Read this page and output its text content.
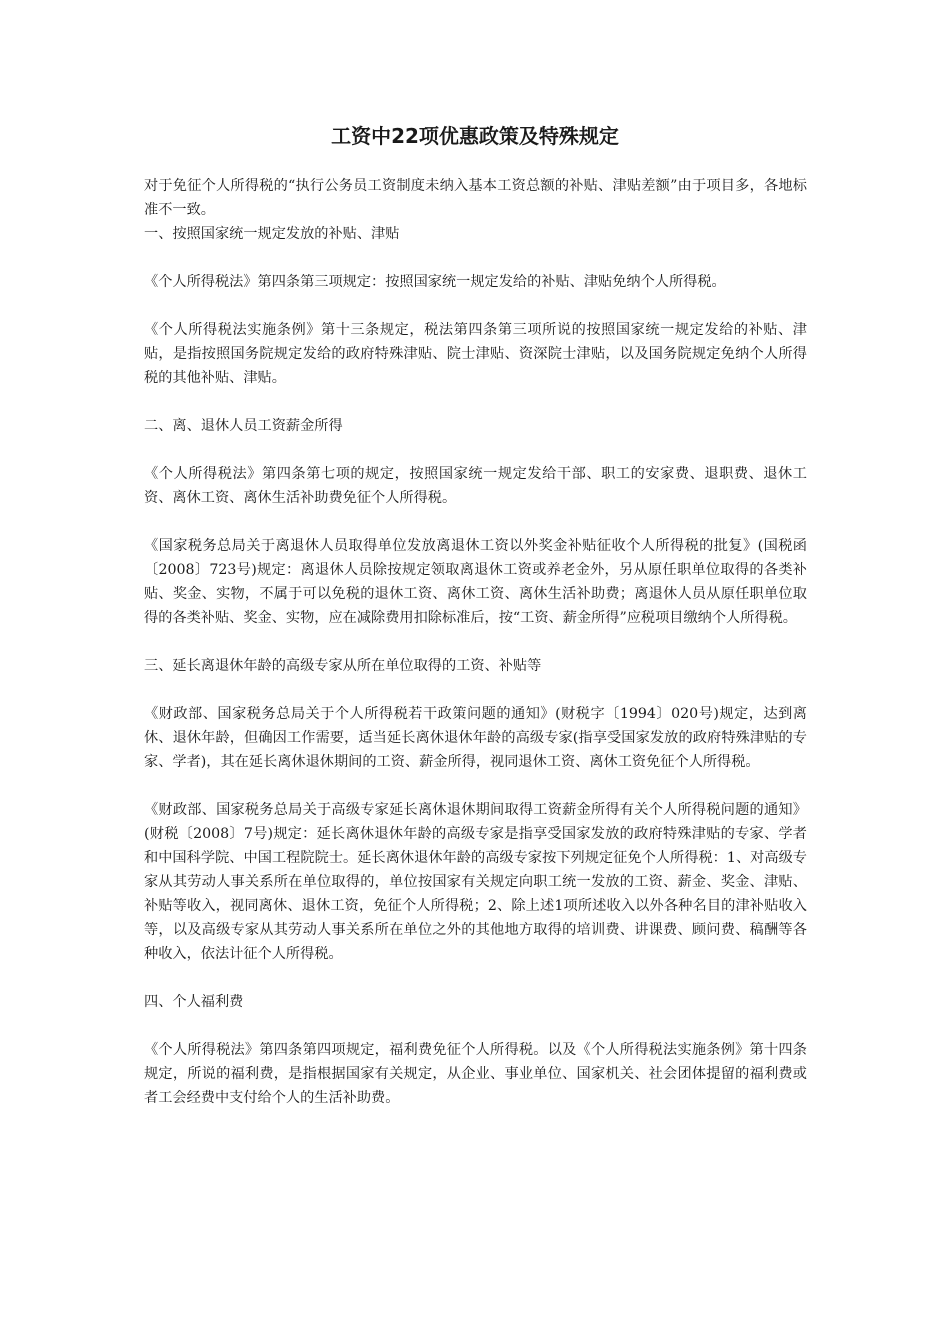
工资中22项优惠政策及特殊规定

对于免征个人所得税的“执行公务员工资制度未纳入基本工资总额的补贴、津贴差额”由于项目多，各地标准不一致。

一、按照国家统一规定发放的补贴、津贴

《个人所得税法》第四条第三项规定：按照国家统一规定发给的补贴、津贴免纳个人所得税。

《个人所得税法实施条例》第十三条规定，税法第四条第三项所说的按照国家统一规定发给的补贴、津贴，是指按照国务院规定发给的政府特殊津贴、院士津贴、资深院士津贴，以及国务院规定免纳个人所得税的其他补贴、津贴。

二、离、退休人员工资薪金所得

《个人所得税法》第四条第七项的规定，按照国家统一规定发给干部、职工的安家费、退职费、退休工资、离休工资、离休生活补助费免征个人所得税。

《国家税务总局关于离退休人员取得单位发放离退休工资以外奖金补贴征收个人所得税的批复》(国税函〔2008〕723号)规定：离退休人员除按规定领取离退休工资或养老金外，另从原任职单位取得的各类补贴、奖金、实物，不属于可以免税的退休工资、离休工资、离休生活补助费；离退休人员从原任职单位取得的各类补贴、奖金、实物，应在减除费用扣除标准后，按“工资、薪金所得”应税项目缴纳个人所得税。

三、延长离退休年龄的高级专家从所在单位取得的工资、补贴等

《财政部、国家税务总局关于个人所得税若干政策问题的通知》(财税字〔1994〕020号)规定，达到离休、退休年龄，但确因工作需要，适当延长离休退休年龄的高级专家(指享受国家发放的政府特殊津贴的专家、学者)，其在延长离休退休期间的工资、薪金所得，视同退休工资、离休工资免征个人所得税。

《财政部、国家税务总局关于高级专家延长离休退休期间取得工资薪金所得有关个人所得税问题的通知》(财税〔2008〕7号)规定：延长离休退休年龄的高级专家是指享受国家发放的政府特殊津贴的专家、学者和中国科学院、中国工程院院士。延长离休退休年龄的高级专家按下列规定征免个人所得税：1、对高级专家从其劳动人事关系所在单位取得的，单位按国家有关规定向职工统一发放的工资、薪金、奖金、津贴、补贴等收入，视同离休、退休工资，免征个人所得税；2、除上述1项所述收入以外各种名目的津补贴收入等，以及高级专家从其劳动人事关系所在单位之外的其他地方取得的培训费、讲课费、顾问费、稿酬等各种收入，依法计征个人所得税。

四、个人福利费

《个人所得税法》第四条第四项规定，福利费免征个人所得税。以及《个人所得税法实施条例》第十四条规定，所说的福利费，是指根据国家有关规定，从企业、事业单位、国家机关、社会团体提留的福利费或者工会经费中支付给个人的生活补助费。
